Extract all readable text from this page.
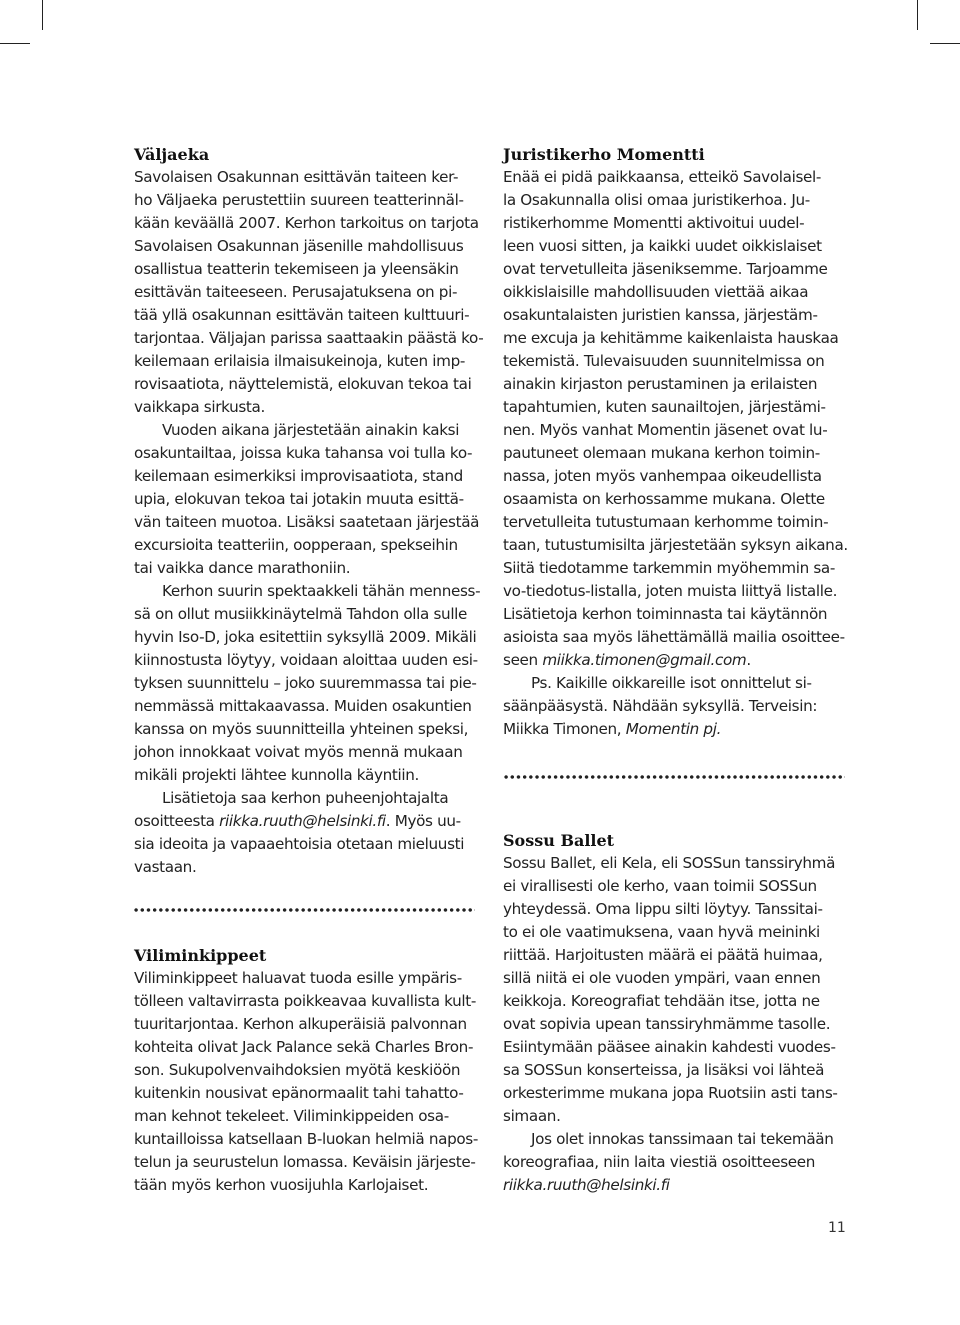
Väljaeka
Savolaisen Osakunnan esittävän taiteen ker-
ho Väljaeka perustettiin suureen teatterinnäl-
kään keväällä 2007. Kerhon tarkoitus on tarjota
Savolaisen Osakunnan jäsenille mahdollisuus
osallistua teatterin tekemiseen ja yleensäkin
esittävän taiteeseen. Perusajatuksena on pi-
tää yllä osakunnan esittävän taiteen kulttuuri-
tarjontaa. Väljajan parissa saattaakin päästä ko-
keilemaan erilaisia ilmaisukeinoja, kuten imp-
rovisaatiota, näyttelemistä, elokuvan tekoa tai
vaikkapa sirkusta.
Vuoden aikana järjestetään ainakin kaksi
osakuntailtaa, joissa kuka tahansa voi tulla ko-
keilemaan esimerkiksi improvisaatiota, stand
upia, elokuvan tekoa tai jotakin muuta esittä-
vän taiteen muotoa. Lisäksi saatetaan järjestää
excursioita teatteriin, oopperaan, spekseihin
tai vaikka dance marathoniin.
Kerhon suurin spektaakkeli tähän menness-
sä on ollut musiikkinäytelmä Tahdon olla sulle
hyvin Iso-D, joka esitettiin syksyllä 2009. Mikäli
kiinnostusta löytyy, voidaan aloittaa uuden esi-
tyksen suunnittelu – joko suuremmassa tai pie-
nemmässä mittakaavassa. Muiden osakuntien
kanssa on myös suunnitteilla yhteinen speksi,
johon innokkaat voivat myös mennä mukaan
mikäli projekti lähtee kunnolla käyntiin.
Lisätietoja saa kerhon puheenjohtajalta
osoitteesta riikka.ruuth@helsinki.fi. Myös uu-
sia ideoita ja vapaaehtoisia otetaan mieluusti
vastaan.
Viliminkippeet
Viliminkippeet haluavat tuoda esille ympäris-
tölleen valtavirrasta poikkeavaa kuvallista kult-
tuuritarjontaa. Kerhon alkuperäisiä palvonnan
kohteita olivat Jack Palance sekä Charles Bron-
son. Sukupolvenvaihdoksien myötä keskiöön
kuitenkin nousivat epänormaalit tahi tahatto-
man kehnot tekeleet. Viliminkippeiden osa-
kuntailloissa katsellaan B-luokan helmiä napos-
telun ja seurustelun lomassa. Keväisin järjeste-
tään myös kerhon vuosijuhla Karlojaiset.
Juristikerho Momentti
Enää ei pidä paikkaansa, etteikö Savolaisel-
la Osakunnalla olisi omaa juristikerhoa. Ju-
ristikerhomme Momentti aktivoitui uudel-
leen vuosi sitten, ja kaikki uudet oikkislaiset
ovat tervetulleita jäseniksemme. Tarjoamme
oikkislaisille mahdollisuuden viettää aikaa
osakuntalaisten juristien kanssa, järjestäm-
me excuja ja kehitämme kaikenlaista hauskaa
tekemistä. Tulevaisuuden suunnitelmissa on
ainakin kirjaston perustaminen ja erilaisten
tapahtumien, kuten saunailtojen, järjestämi-
nen. Myös vanhat Momentin jäsenet ovat lu-
pautuneet olemaan mukana kerhon toimin-
nassa, joten myös vanhempaa oikeudellista
osaamista on kerhossamme mukana. Olette
tervetulleita tutustumaan kerhomme toimin-
taan, tutustumisilta järjestetään syksyn aikana.
Siitä tiedotamme tarkemmin myöhemmin sa-
vo-tiedotus-listalla, joten muista liittyä listalle.
Lisätietoja kerhon toiminnasta tai käytännön
asioista saa myös lähettämällä mailia osoittee-
seen miikka.timonen@gmail.com.
Ps. Kaikille oikkareille isot onnittelut si-
säänpääsystä. Nähdään syksyllä. Terveisin:
Miikka Timonen, Momentin pj.
Sossu Ballet
Sossu Ballet, eli Kela, eli SOSSun tanssiryhmä
ei virallisesti ole kerho, vaan toimii SOSSun
yhteydessä. Oma lippu silti löytyy. Tanssitai-
to ei ole vaatimuksena, vaan hyvä meininki
riittää. Harjoitusten määrä ei päätä huimaa,
sillä niitä ei ole vuoden ympäri, vaan ennen
keikkoja. Koreografiat tehdään itse, jotta ne
ovat sopivia upean tanssiryhmämme tasolle.
Esiintymään pääsee ainakin kahdesti vuodes-
sa SOSSun konserteissa, ja lisäksi voi lähteä
orkesterimme mukana jopa Ruotsiin asti tans-
simaan.
Jos olet innokas tanssimaan tai tekemään
koreografiaa, niin laita viestiä osoitteeseen
riikka.ruuth@helsinki.fi
11
